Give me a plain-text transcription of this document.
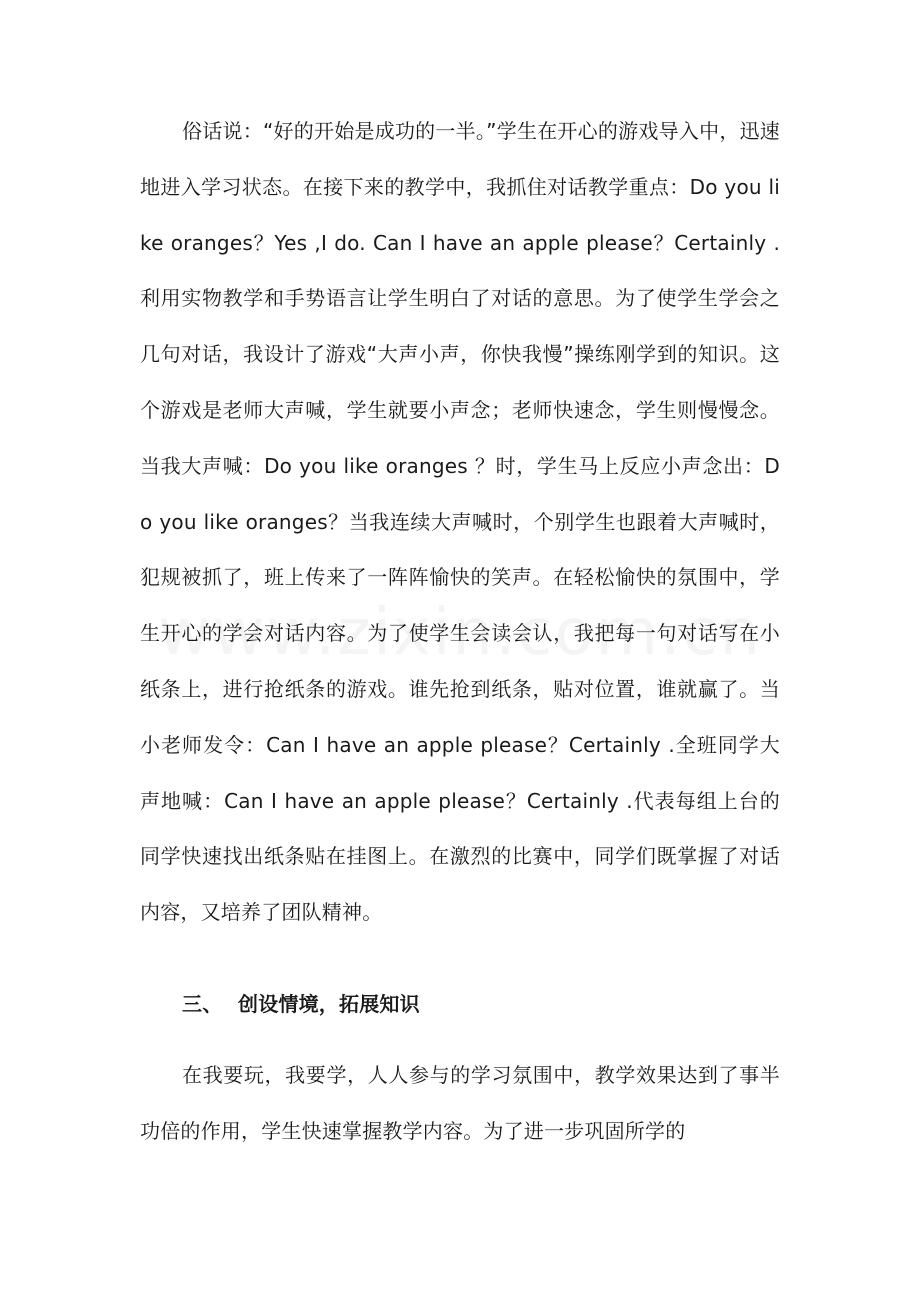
俗话说：“好的开始是成功的一半。”学生在开心的游戏导入中，迅速地进入学习状态。在接下来的教学中，我抓住对话教学重点：Do you like oranges？Yes ,I do. Can I have an apple please？Certainly .利用实物教学和手势语言让学生明白了对话的意思。为了使学生学会之几句对话，我设计了游戏“大声小声，你快我慢”操练刚学到的知识。这个游戏是老师大声喊，学生就要小声念；老师快速念，学生则慢慢念。当我大声喊：Do you like oranges ？时，学生马上反应小声念出：Do you like oranges？当我连续大声喊时，个别学生也跟着大声喊时，犯规被抓了，班上传来了一阵阵愉快的笑声。在轻松愉快的氛围中，学生开心的学会对话内容。为了使学生会读会认，我把每一句对话写在小纸条上，进行抢纸条的游戏。谁先抢到纸条，贴对位置，谁就赢了。当小老师发令：Can I have an apple please？Certainly .全班同学大声地喊：Can I have an apple please？Certainly .代表每组上台的同学快速找出纸条贴在挂图上。在激烈的比赛中，同学们既掌握了对话内容，又培养了团队精神。

三、 创设情境，拓展知识

在我要玩，我要学，人人参与的学习氛围中，教学效果达到了事半功倍的作用，学生快速掌握教学内容。为了进一步巩固所学的
